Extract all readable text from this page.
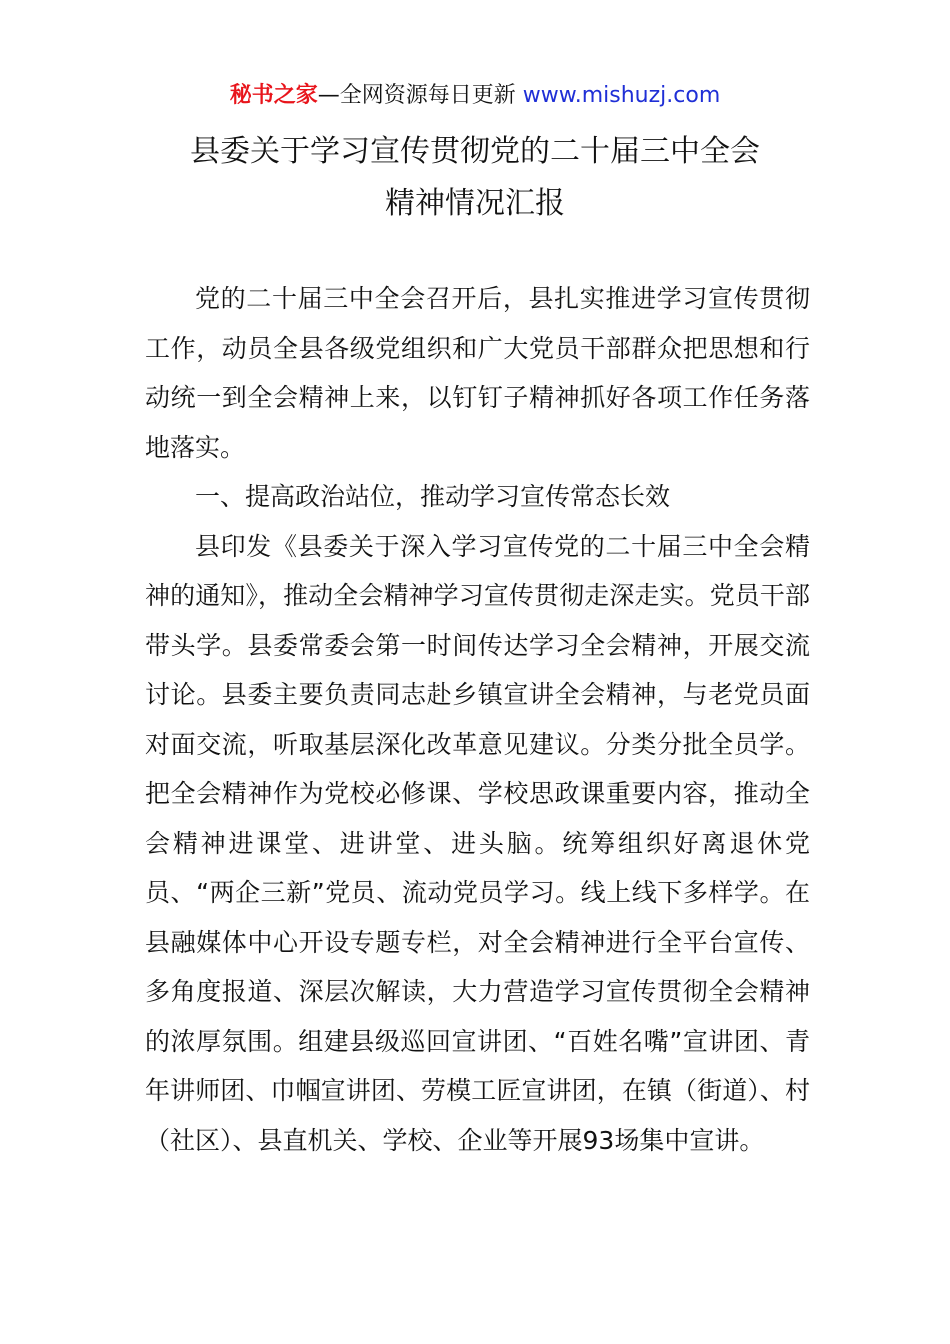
秘书之家—全网资源每日更新 www.mishuzj.com
县委关于学习宣传贯彻党的二十届三中全会
精神情况汇报

党的二十届三中全会召开后，县扎实推进学习宣传贯彻工作，动员全县各级党组织和广大党员干部群众把思想和行动统一到全会精神上来，以钉钉子精神抓好各项工作任务落地落实。

一、提高政治站位，推动学习宣传常态长效

县印发《县委关于深入学习宣传党的二十届三中全会精神的通知》，推动全会精神学习宣传贯彻走深走实。党员干部带头学。县委常委会第一时间传达学习全会精神，开展交流讨论。县委主要负责同志赴乡镇宣讲全会精神，与老党员面对面交流，听取基层深化改革意见建议。分类分批全员学。把全会精神作为党校必修课、学校思政课重要内容，推动全会精神进课堂、进讲堂、进头脑。统筹组织好离退休党员、“两企三新”党员、流动党员学习。线上线下多样学。在县融媒体中心开设专题专栏，对全会精神进行全平台宣传、多角度报道、深层次解读，大力营造学习宣传贯彻全会精神的浓厚氛围。组建县级巡回宣讲团、“百姓名嘴”宣讲团、青年讲师团、巾帼宣讲团、劳模工匠宣讲团，在镇（街道）、村（社区）、县直机关、学校、企业等开展93场集中宣讲。
